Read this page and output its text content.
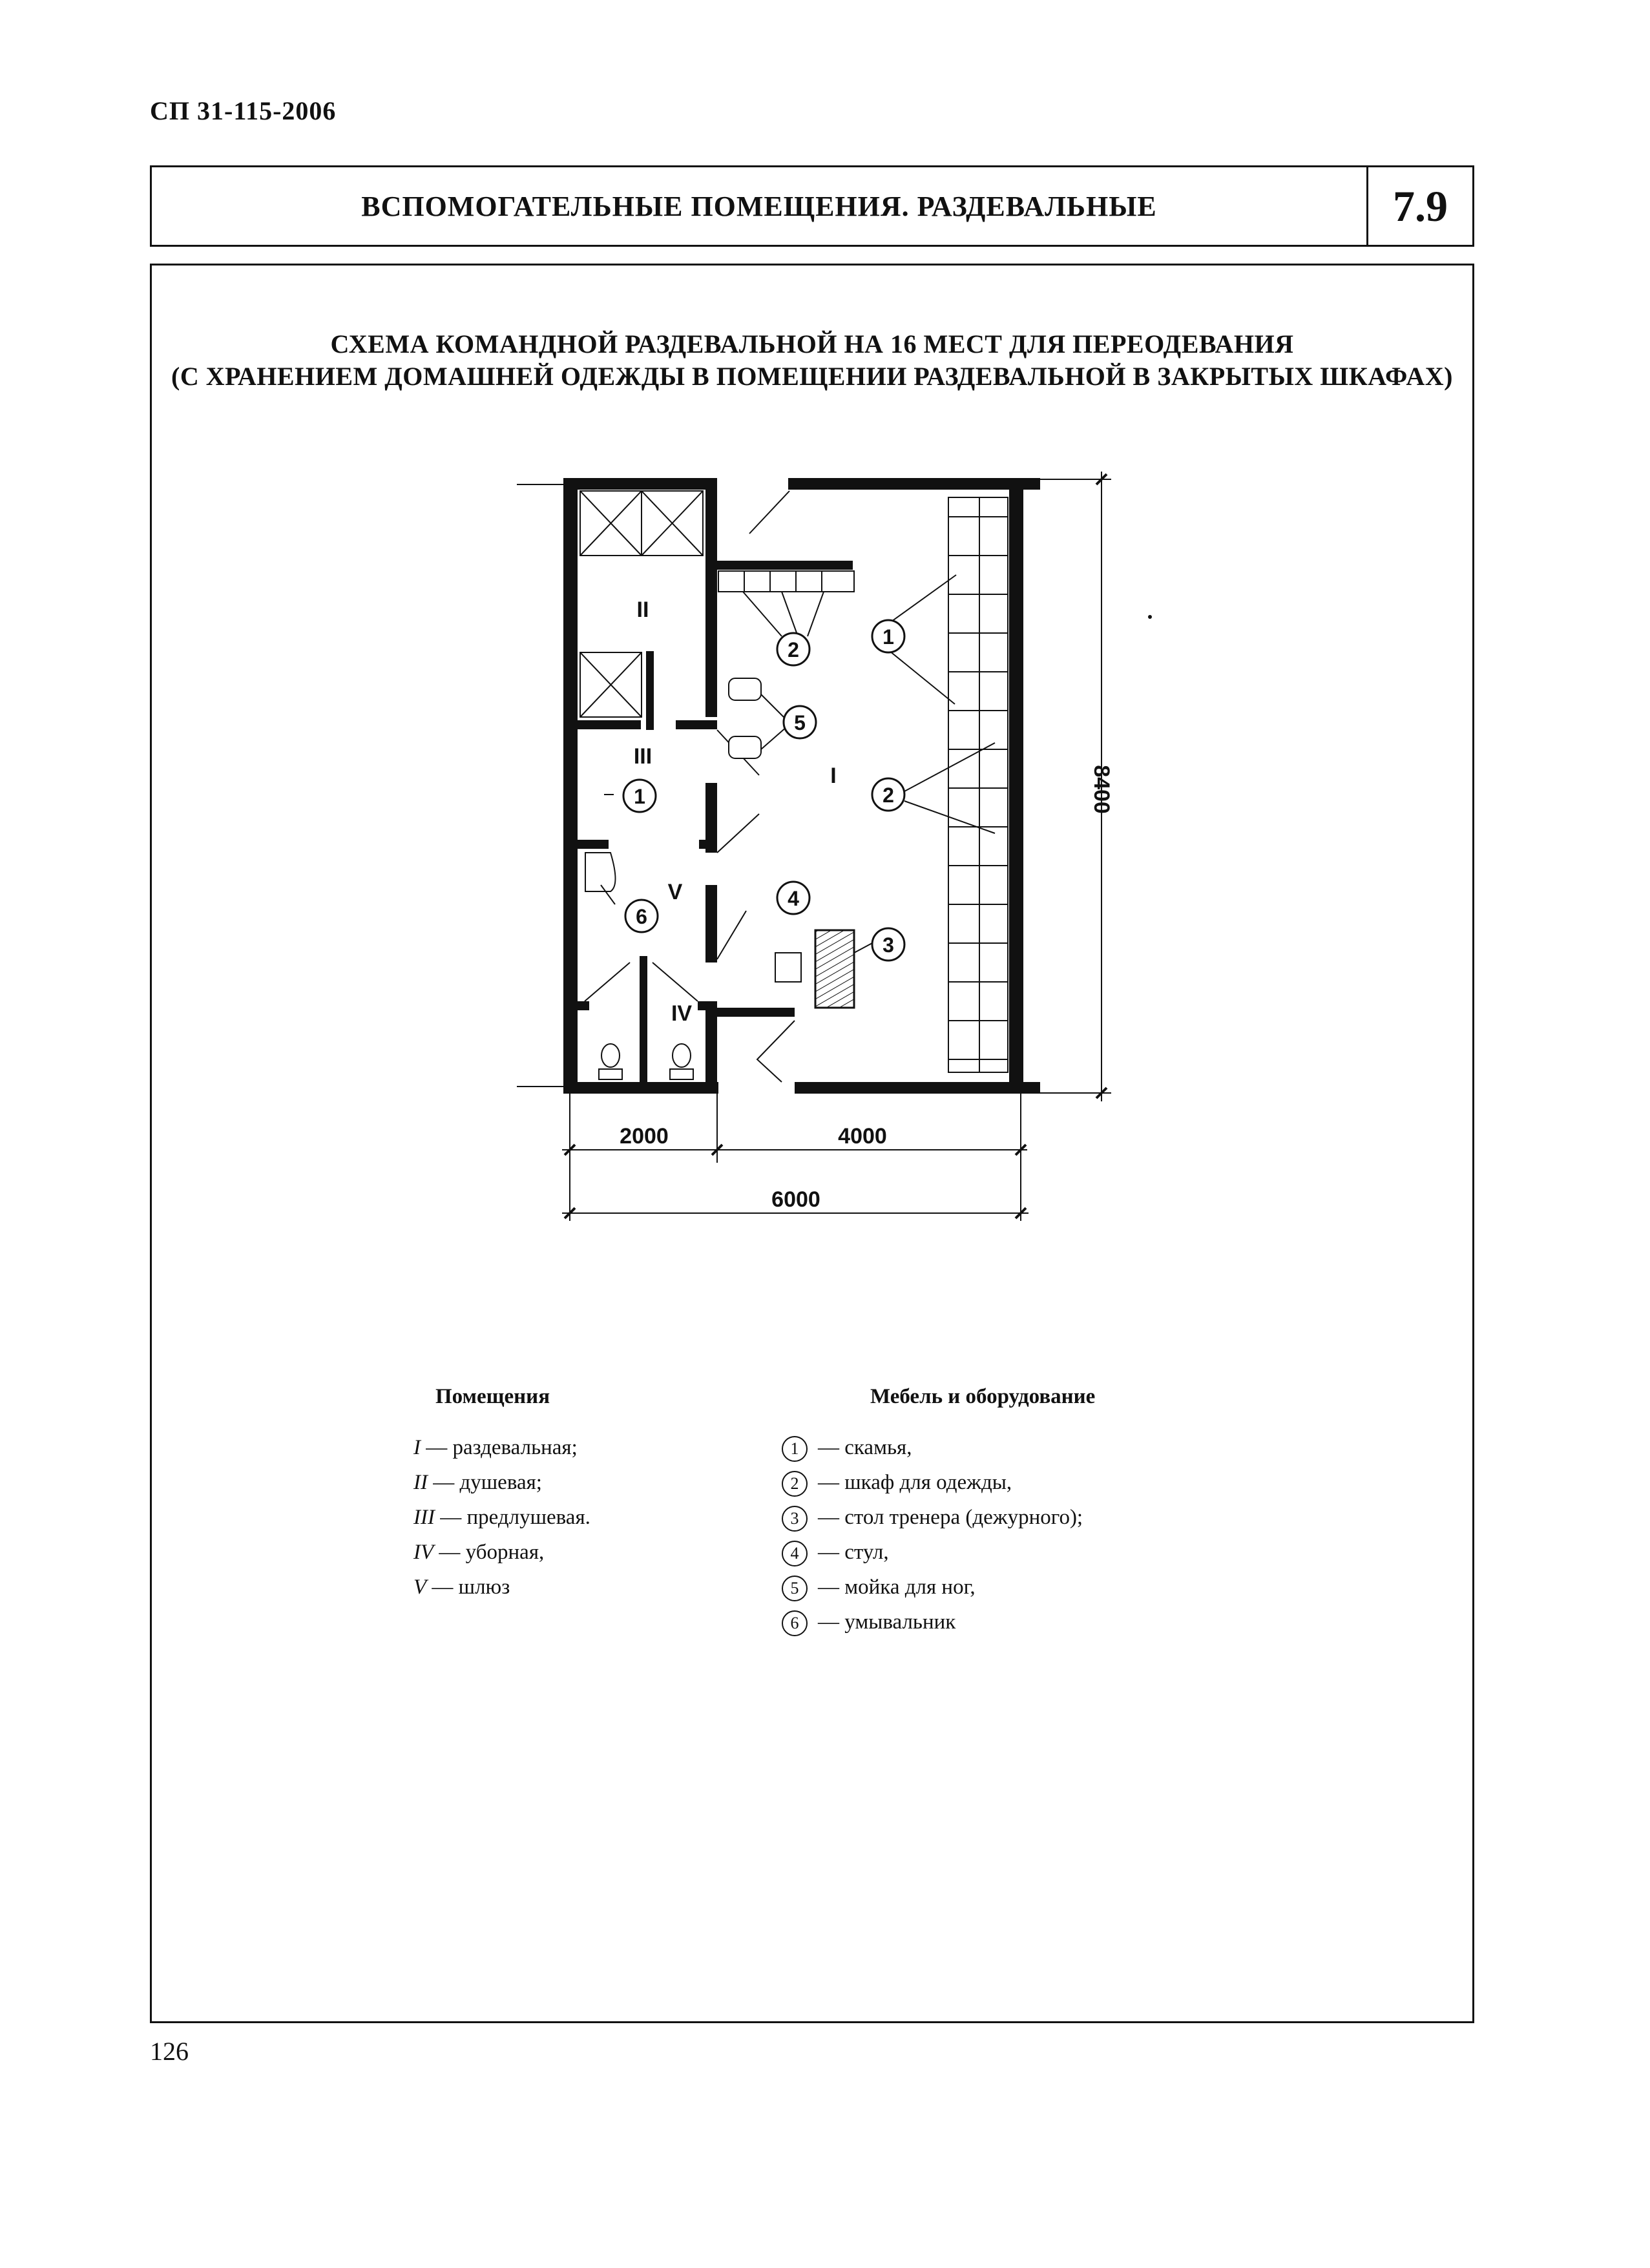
СП 31-115-2006
ВСПОМОГАТЕЛЬНЫЕ ПОМЕЩЕНИЯ. РАЗДЕВАЛЬНЫЕ	7.9
СХЕМА КОМАНДНОЙ РАЗДЕВАЛЬНОЙ НА 16 МЕСТ ДЛЯ ПЕРЕОДЕВАНИЯ
(С ХРАНЕНИЕМ ДОМАШНЕЙ ОДЕЖДЫ В ПОМЕЩЕНИИ РАЗДЕВАЛЬНОЙ В ЗАКРЫТЫХ ШКАФАХ)
1
2
2
5
1
6
4
3
I
II
III
IV
V
2000	4000
6000
8400
Помещения
I — раздевальная;
II — душевая;
III — предлушевая.
IV — уборная,
V — шлюз
Мебель и оборудование
1 — скамья,
2 — шкаф для одежды,
3 — стол тренера (дежурного);
4 — стул,
5 — мойка для ног,
6 — умывальник
126
